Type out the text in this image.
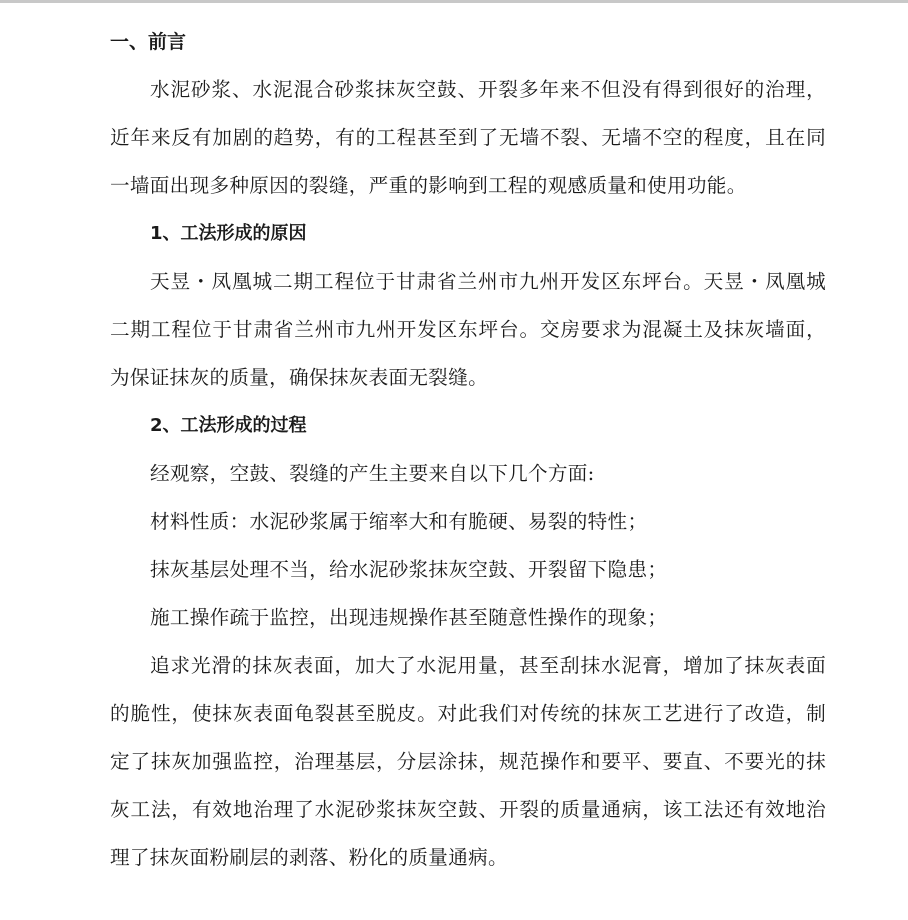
一、前言

水泥砂浆、水泥混合砂浆抹灰空鼓、开裂多年来不但没有得到很好的治理，近年来反有加剧的趋势，有的工程甚至到了无墙不裂、无墙不空的程度，且在同一墙面出现多种原因的裂缝，严重的影响到工程的观感质量和使用功能。

1、工法形成的原因

天昱・凤凰城二期工程位于甘肃省兰州市九州开发区东坪台。天昱・凤凰城二期工程位于甘肃省兰州市九州开发区东坪台。交房要求为混凝土及抹灰墙面，为保证抹灰的质量，确保抹灰表面无裂缝。

2、工法形成的过程
经观察，空鼓、裂缝的产生主要来自以下几个方面:
材料性质：水泥砂浆属于缩率大和有脆硬、易裂的特性；
抹灰基层处理不当，给水泥砂浆抹灰空鼓、开裂留下隐患；
施工操作疏于监控，出现违规操作甚至随意性操作的现象；

追求光滑的抹灰表面，加大了水泥用量，甚至刮抹水泥膏，增加了抹灰表面的脆性，使抹灰表面龟裂甚至脱皮。对此我们对传统的抹灰工艺进行了改造，制定了抹灰加强监控，治理基层，分层涂抹，规范操作和要平、要直、不要光的抹灰工法，有效地治理了水泥砂浆抹灰空鼓、开裂的质量通病，该工法还有效地治理了抹灰面粉刷层的剥落、粉化的质量通病。
